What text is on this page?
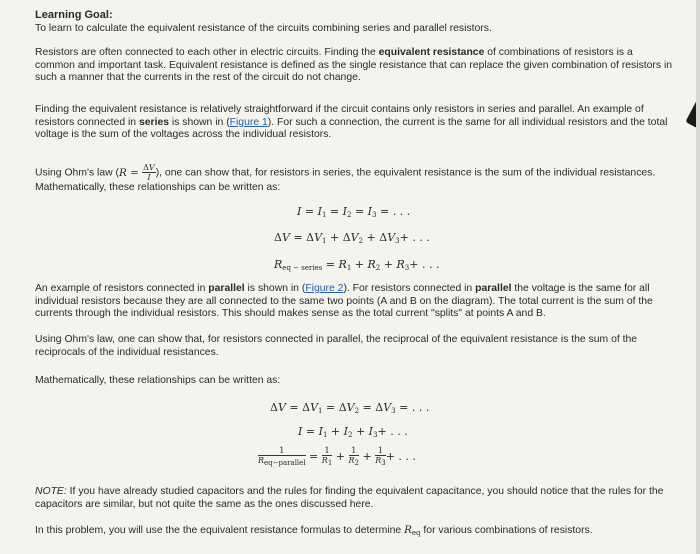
Learning Goal:
To learn to calculate the equivalent resistance of the circuits combining series and parallel resistors.
Resistors are often connected to each other in electric circuits. Finding the equivalent resistance of combinations of resistors is a common and important task. Equivalent resistance is defined as the single resistance that can replace the given combination of resistors in such a manner that the currents in the rest of the circuit do not change.
Finding the equivalent resistance is relatively straightforward if the circuit contains only resistors in series and parallel. An example of resistors connected in series is shown in (Figure 1). For such a connection, the current is the same for all individual resistors and the total voltage is the sum of the voltages across the individual resistors.
Using Ohm's law ($R = \frac{\Delta V}{I}$ ), one can show that, for resistors in series, the equivalent resistance is the sum of the individual resistances. Mathematically, these relationships can be written as:
$I = I_1 = I_2 = I_3$ = . . .
$\Delta V = \Delta V_1 + \Delta V_2 + \Delta V_3+$ . . .
$R_{eq - series} = R_1 + R_2 + R_3+$ . . .
An example of resistors connected in parallel is shown in (Figure 2). For resistors connected in parallel the voltage is the same for all individual resistors because they are all connected to the same two points (A and B on the diagram). The total current is the sum of the currents through the individual resistors. This should makes sense as the total current "splits" at points A and B.
Using Ohm's law, one can show that, for resistors connected in parallel, the reciprocal of the equivalent resistance is the sum of the reciprocals of the individual resistances.
Mathematically, these relationships can be written as:
$\Delta V = \Delta V_1 = \Delta V_2 = \Delta V_3$ = . . .
$I = I_1 + I_2 + I_3+$ . . .
$\frac{1}{\text{Req−parallel}} = \frac{1}{R1} + \frac{1}{R2} + \frac{1}{R3}$ + . . .
NOTE: If you have already studied capacitors and the rules for finding the equivalent capacitance, you should notice that the rules for the capacitors are similar, but not quite the same as the ones discussed here.
In this problem, you will use the the equivalent resistance formulas to determine $R_{eq}$ for various combinations of resistors.
